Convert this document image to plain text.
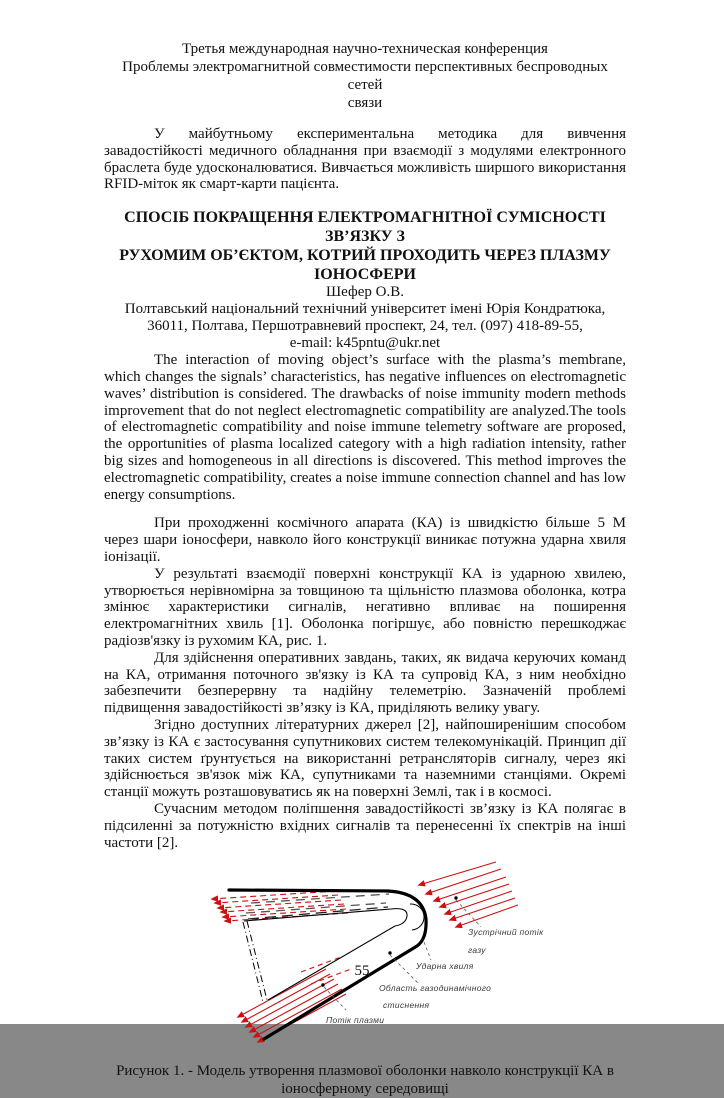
Третья международная научно-техническая конференция
Проблемы электромагнитной совместимости перспективных беспроводных сетей
связи

У майбутньому експериментальна методика для вивчення завадостійкості медичного обладнання при взаємодії з модулями електронного браслета буде удосконалюватися. Вивчається можливість ширшого використання RFID-міток як смарт-карти пацієнта.

СПОСІБ ПОКРАЩЕННЯ ЕЛЕКТРОМАГНІТНОЇ СУМІСНОСТІ ЗВ’ЯЗКУ З
РУХОМИМ ОБ’ЄКТОМ, КОТРИЙ ПРОХОДИТЬ ЧЕРЕЗ ПЛАЗМУ ІОНОСФЕРИ
Шефер О.В.
Полтавський національний технічний університет імені Юрія Кондратюка,
36011, Полтава, Першотравневий проспект, 24, тел. (097) 418-89-55,
e-mail: k45pntu@ukr.net

The interaction of moving object’s surface with the plasma’s membrane, which changes the signals’ characteristics, has negative influences on electromagnetic waves’ distribution is considered. The drawbacks of noise immunity modern methods improvement that do not neglect electromagnetic compatibility are analyzed.The tools of electromagnetic compatibility and noise immune telemetry software are proposed, the opportunities of plasma localized category with a high radiation intensity, rather big sizes and homogeneous in all directions is discovered. This method improves the electromagnetic compatibility, creates a noise immune connection channel and has low energy consumptions.

При проходженні космічного апарата (КА) із швидкістю більше 5 М через шари іоносфери, навколо його конструкції виникає потужна ударна хвиля іонізації.

У результаті взаємодії поверхні конструкції КА із ударною хвилею, утворюється нерівномірна за товщиною та щільністю плазмова оболонка, котра змінює характеристики сигналів, негативно впливає на поширення електромагнітних хвиль [1]. Оболонка погіршує, або повністю перешкоджає радіозв'язку із рухомим КА, рис. 1.

Для здійснення оперативних завдань, таких, як видача керуючих команд на КА, отримання поточного зв'язку із КА та супровід КА, з ним необхідно забезпечити безперервну та надійну телеметрію. Зазначеній проблемі підвищення завадостійкості зв’язку із КА, приділяють велику увагу.

Згідно доступних літературних джерел [2], найпоширенішим способом зв’язку із КА є застосування супутникових систем телекомунікацій. Принцип дії таких систем ґрунтується на використанні ретрансляторів сигналу, через які здійснюється зв'язок між КА, супутниками та наземними станціями. Окремі станції можуть розташовуватись як на поверхні Землі, так і в космосі.

Сучасним методом поліпшення завадостійкості зв’язку із КА полягає в підсиленні за потужністю вхідних сигналів та перенесенні їх спектрів на інші частоти [2].

Зустрічний потік
газу
Ударна хвиля
Область газодинамічного
стиснення
Потік плазми
Рисунок 1. - Модель утворення плазмової оболонки навколо конструкції КА в
іоносферному середовищі
55
